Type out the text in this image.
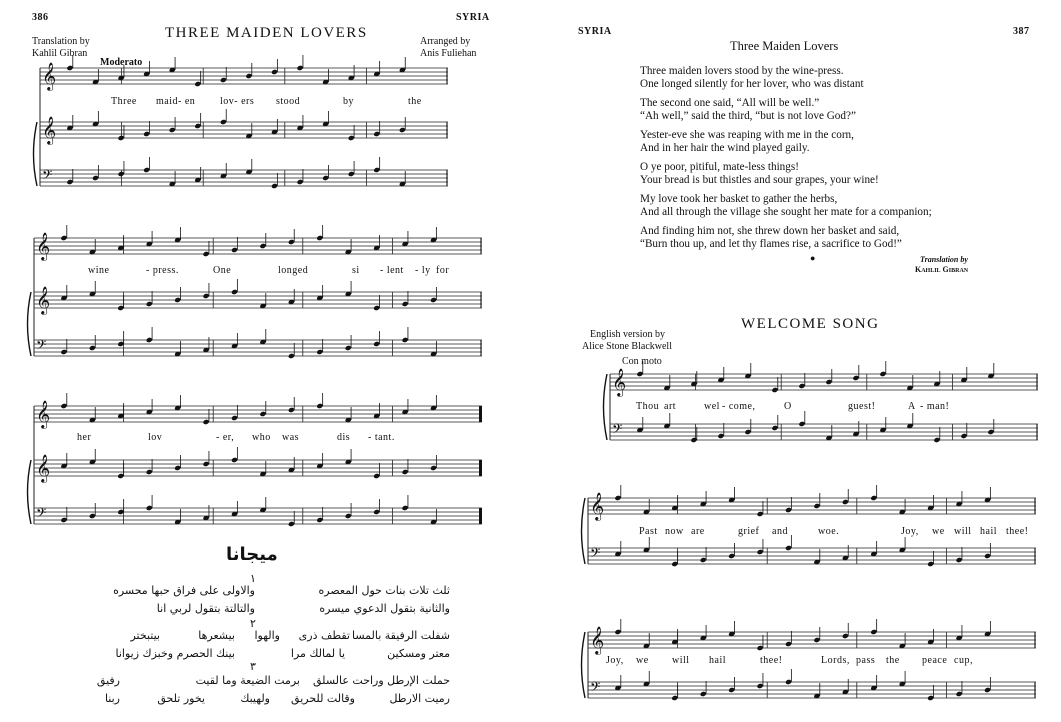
386	SYRIA
THREE MAIDEN LOVERS
Translation by
Kahlil Gibran
Arranged by
Anis Fuliehan
Moderato
𝄞
𝄞
𝄢
Three maid- en lov- ers stood	by	the
𝄞
𝄞
𝄢
wine	- press.	One	longed	si - lent - ly for
𝄞
𝄞
𝄢
her	lov	- er, who was	dis - tant.
ميجانا
١
ثلث تلات بنات حول المعصره
والاولى على فراق حبها محسره
والثانية بتقول الدعوي ميسره
والتالتة بتقول لربي انا
٢
شفلت الرفيقة بالمسا
تقطف ذرى
والهوا
بيشعرها
بيتبختر
معتر ومسكين
يا لمالك مرا
بينك الحصرم وخبزك زيوانا
٣
حملت الإرطل وراحت عالسلق
برمت الضيعة وما لقيت
رفيق
رميت الارطل
وقالت للحريق
ولهيبك
يخور تلحق
ربنا
SYRIA	387
Three Maiden Lovers
Three maiden lovers stood by the wine-press.
One longed silently for her lover, who was distant
The second one said, “All will be well.”
“Ah well,” said the third, “but is not love God?”
Yester-eve she was reaping with me in the corn,
And in her hair the wind played gaily.
O ye poor, pitiful, mate-less things!
Your bread is but thistles and sour grapes, your wine!
My love took her basket to gather the herbs,
And all through the village she sought her mate for a companion;
And finding him not, she threw down her basket and said,
“Burn thou up, and let thy flames rise, a sacrifice to God!”
●	Translation by
Kahlil Gibran
WELCOME SONG
English version by
Alice Stone Blackwell
Con moto
𝄞
𝄢
Thou art	wel - come,	O	guest!	A - man!
𝄞
𝄢
Past now are	grief and	woe.	Joy, we will hail thee!
𝄞
𝄢
Joy, we will hail	thee!	Lords, pass the peace cup,
